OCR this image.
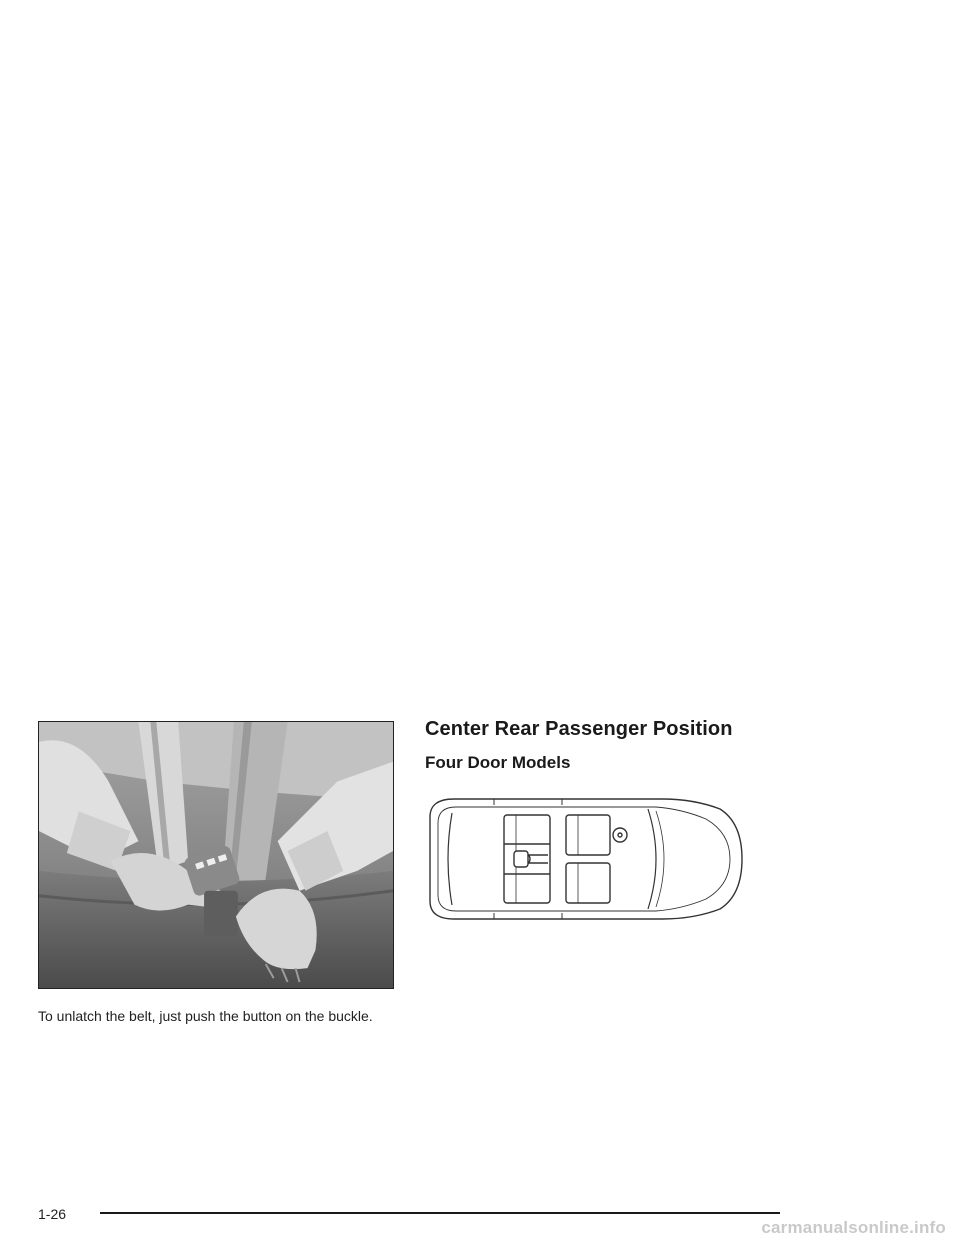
To unlatch the belt, just push the button on the buckle.
Center Rear Passenger Position
Four Door Models
1-26
carmanualsonline.info
